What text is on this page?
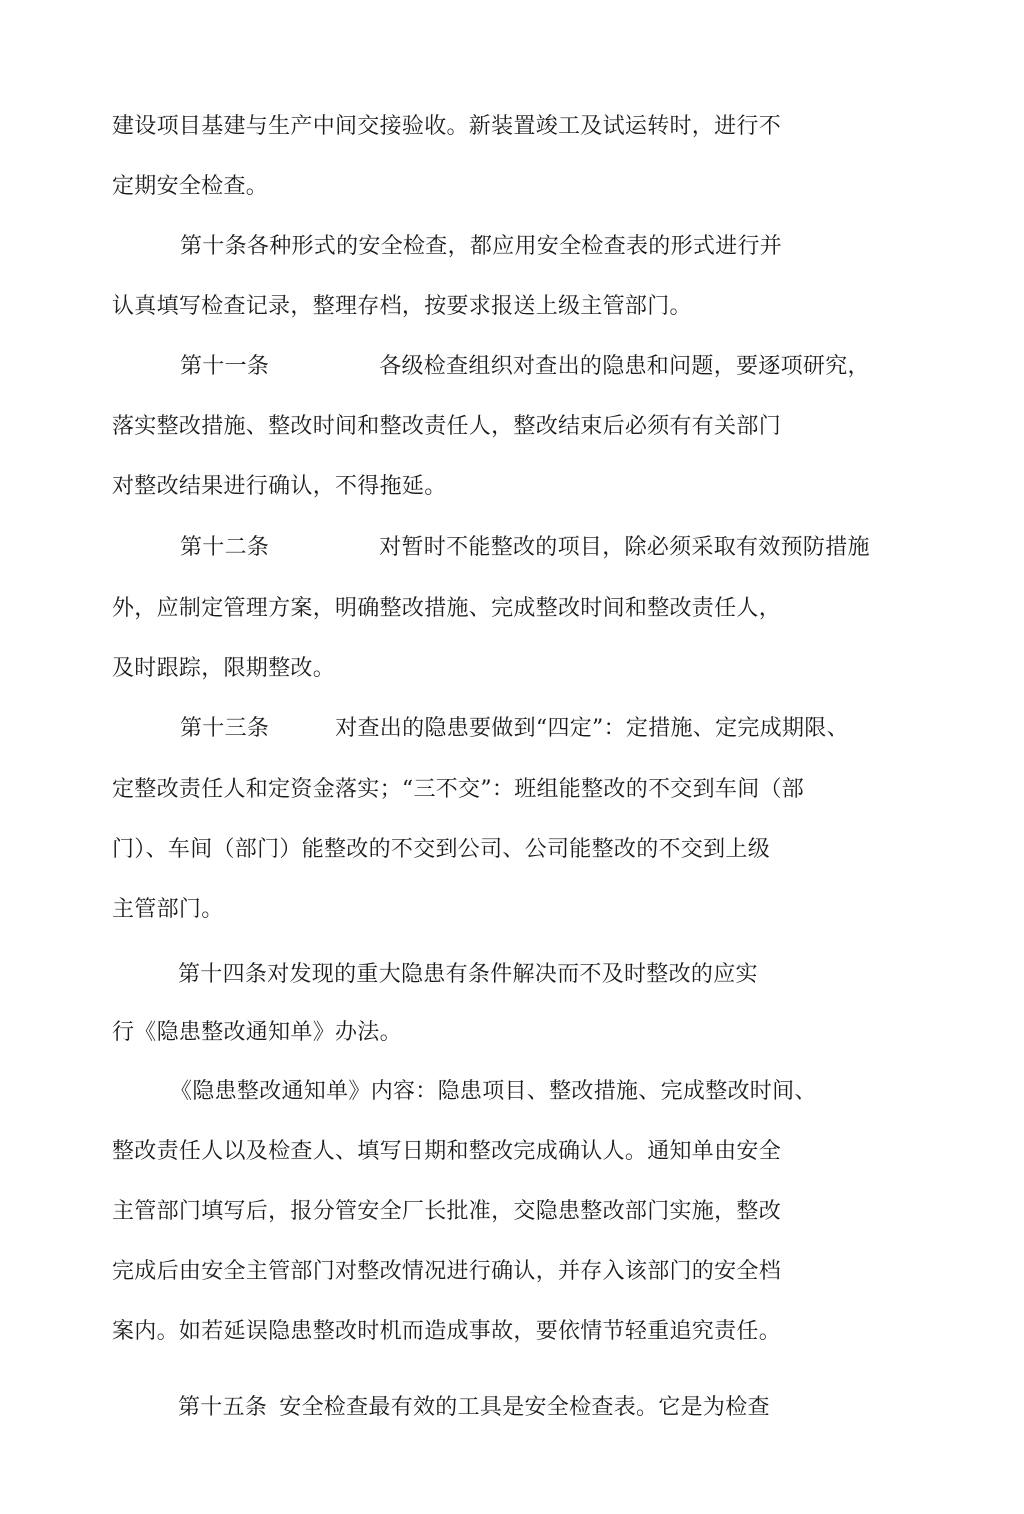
建设项目基建与生产中间交接验收。新装置竣工及试运转时，进行不
定期安全检查。
第十条各种形式的安全检查，都应用安全检查表的形式进行并
认真填写检查记录，整理存档，按要求报送上级主管部门。
第十一条	各级检查组织对查出的隐患和问题，要逐项研究，
落实整改措施、整改时间和整改责任人，整改结束后必须有有关部门
对整改结果进行确认，不得拖延。
第十二条	对暂时不能整改的项目，除必须采取有效预防措施
外，应制定管理方案，明确整改措施、完成整改时间和整改责任人，
及时跟踪，限期整改。
第十三条	对查出的隐患要做到“四定”：定措施、定完成期限、
定整改责任人和定资金落实；“三不交”：班组能整改的不交到车间（部
门）、车间（部门）能整改的不交到公司、公司能整改的不交到上级
主管部门。
第十四条对发现的重大隐患有条件解决而不及时整改的应实
行《隐患整改通知单》办法。
《隐患整改通知单》内容：隐患项目、整改措施、完成整改时间、
整改责任人以及检查人、填写日期和整改完成确认人。通知单由安全
主管部门填写后，报分管安全厂长批准，交隐患整改部门实施，整改
完成后由安全主管部门对整改情况进行确认，并存入该部门的安全档
案内。如若延误隐患整改时机而造成事故，要依情节轻重追究责任。
第十五条 安全检查最有效的工具是安全检查表。它是为检查
